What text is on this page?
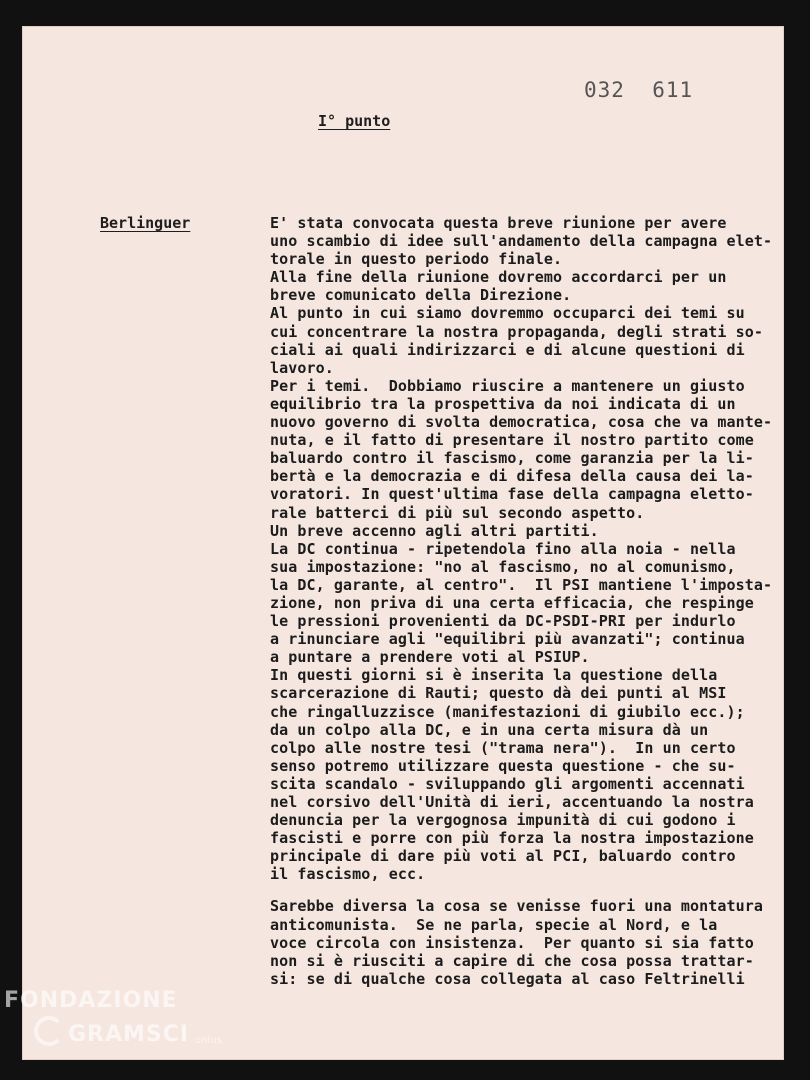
032  611
I° punto
Berlinguer	E' stata convocata questa breve riunione per avere
uno scambio di idee sull'andamento della campagna elet-
torale in questo periodo finale.
Alla fine della riunione dovremo accordarci per un
breve comunicato della Direzione.
Al punto in cui siamo dovremmo occuparci dei temi su
cui concentrare la nostra propaganda, degli strati so-
ciali ai quali indirizzarci e di alcune questioni di
lavoro.
Per i temi.  Dobbiamo riuscire a mantenere un giusto
equilibrio tra la prospettiva da noi indicata di un
nuovo governo di svolta democratica, cosa che va mante-
nuta, e il fatto di presentare il nostro partito come
baluardo contro il fascismo, come garanzia per la li-
bertà e la democrazia e di difesa della causa dei la-
voratori. In quest'ultima fase della campagna eletto-
rale batterci di più sul secondo aspetto.
Un breve accenno agli altri partiti.
La DC continua - ripetendola fino alla noia - nella
sua impostazione: "no al fascismo, no al comunismo,
la DC, garante, al centro".  Il PSI mantiene l'imposta-
zione, non priva di una certa efficacia, che respinge
le pressioni provenienti da DC-PSDI-PRI per indurlo
a rinunciare agli "equilibri più avanzati"; continua
a puntare a prendere voti al PSIUP.
In questi giorni si è inserita la questione della
scarcerazione di Rauti; questo dà dei punti al MSI
che ringalluzzisce (manifestazioni di giubilo ecc.);
da un colpo alla DC, e in una certa misura dà un
colpo alle nostre tesi ("trama nera").  In un certo
senso potremo utilizzare questa questione - che su-
scita scandalo - sviluppando gli argomenti accennati
nel corsivo dell'Unità di ieri, accentuando la nostra
denuncia per la vergognosa impunità di cui godono i
fascisti e porre con più forza la nostra impostazione
principale di dare più voti al PCI, baluardo contro
il fascismo, ecc.
Sarebbe diversa la cosa se venisse fuori una montatura
anticomunista.  Se ne parla, specie al Nord, e la
voce circola con insistenza.  Per quanto si sia fatto
non si è riusciti a capire di che cosa possa trattar-
si: se di qualche cosa collegata al caso Feltrinelli
FONDAZIONE
GRAMSCI onlus
